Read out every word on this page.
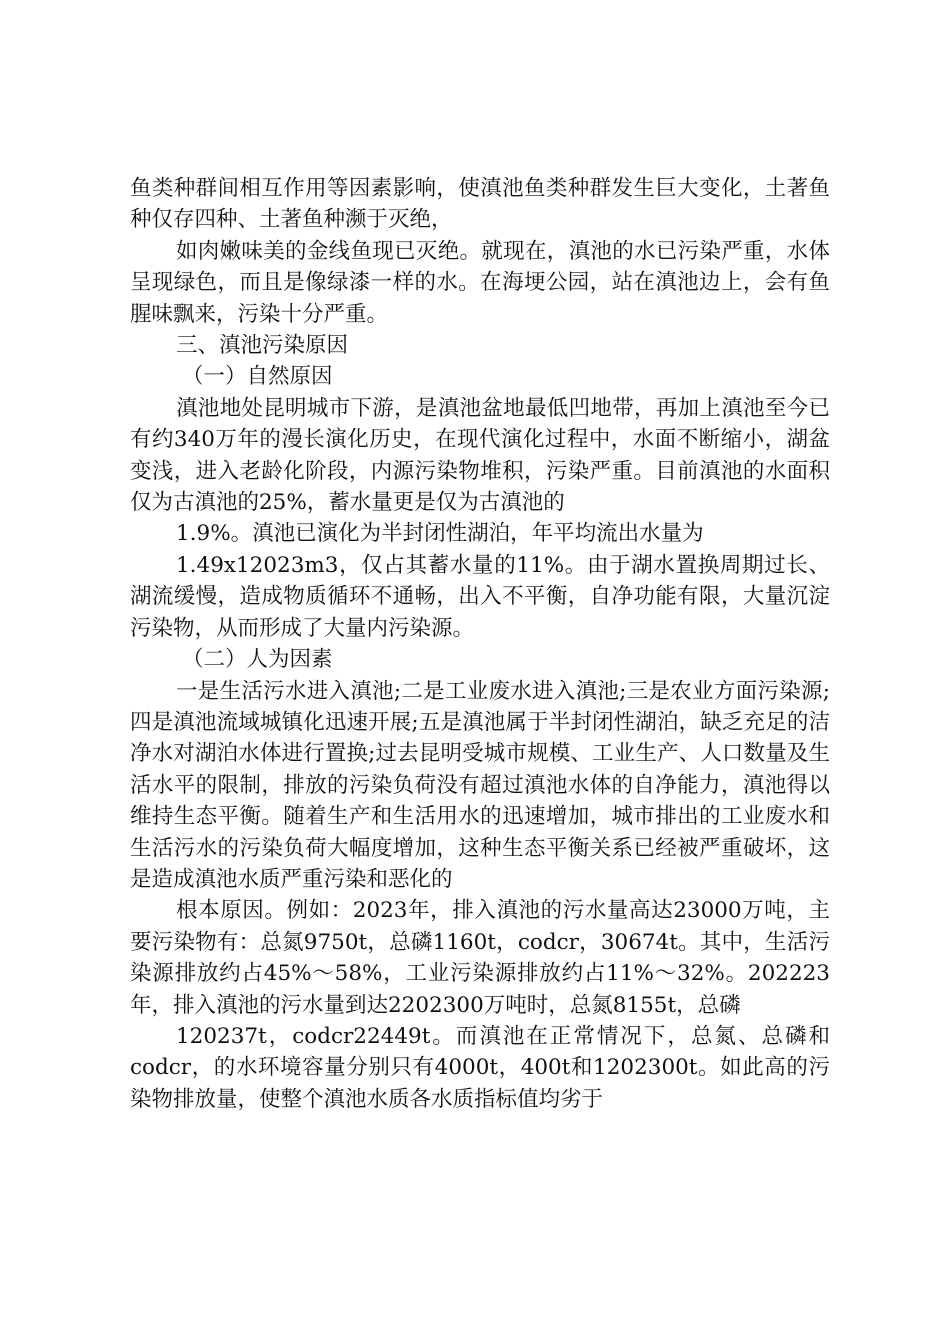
鱼类种群间相互作用等因素影响，使滇池鱼类种群发生巨大变化，土著鱼种仅存四种、土著鱼种濒于灭绝，

如肉嫩味美的金线鱼现已灭绝。就现在，滇池的水已污染严重，水体呈现绿色，而且是像绿漆一样的水。在海埂公园，站在滇池边上，会有鱼腥味飘来，污染十分严重。

三、滇池污染原因

（一）自然原因

滇池地处昆明城市下游，是滇池盆地最低凹地带，再加上滇池至今已有约340万年的漫长演化历史，在现代演化过程中，水面不断缩小，湖盆变浅，进入老龄化阶段，内源污染物堆积，污染严重。目前滇池的水面积仅为古滇池的25%，蓄水量更是仅为古滇池的

1.9%。滇池已演化为半封闭性湖泊，年平均流出水量为

1.49x12023m3，仅占其蓄水量的11%。由于湖水置换周期过长、湖流缓慢，造成物质循环不通畅，出入不平衡，自净功能有限，大量沉淀污染物，从而形成了大量内污染源。

（二）人为因素

一是生活污水进入滇池;二是工业废水进入滇池;三是农业方面污染源;四是滇池流域城镇化迅速开展;五是滇池属于半封闭性湖泊，缺乏充足的洁净水对湖泊水体进行置换;过去昆明受城市规模、工业生产、人口数量及生活水平的限制，排放的污染负荷没有超过滇池水体的自净能力，滇池得以维持生态平衡。随着生产和生活用水的迅速增加，城市排出的工业废水和生活污水的污染负荷大幅度增加，这种生态平衡关系已经被严重破坏，这是造成滇池水质严重污染和恶化的

根本原因。例如：2023年，排入滇池的污水量高达23000万吨，主要污染物有：总氮9750t，总磷1160t，codcr，30674t。其中，生活污染源排放约占45%～58%，工业污染源排放约占11%～32%。202223年，排入滇池的污水量到达2202300万吨时，总氮8155t，总磷

120237t，codcr22449t。而滇池在正常情况下，总氮、总磷和codcr，的水环境容量分别只有4000t，400t和1202300t。如此高的污染物排放量，使整个滇池水质各水质指标值均劣于
